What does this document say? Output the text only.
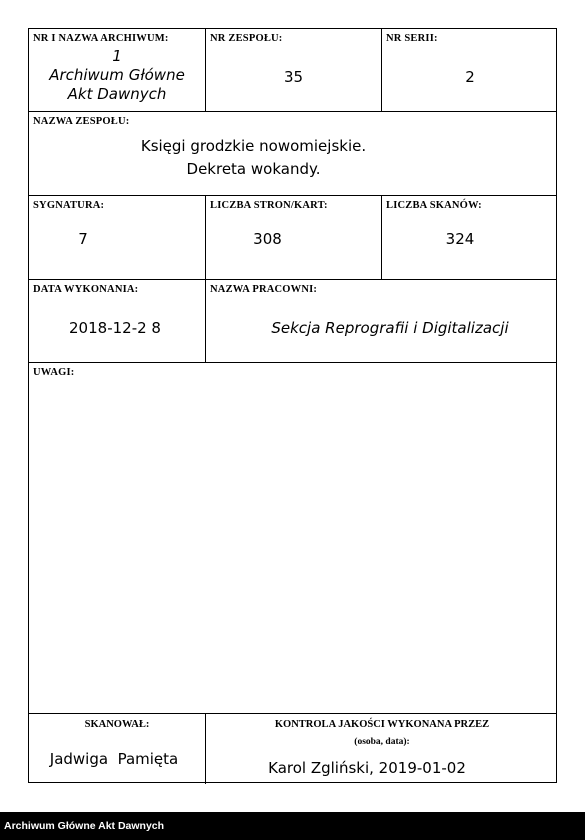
NR I NAZWA ARCHIWUM:
1
Archiwum Główne
Akt Dawnych
NR ZESPOŁU:
35
NR SERII:
2
NAZWA ZESPOŁU:
Księgi grodzkie nowomiejskie.
Dekreta wokandy.
SYGNATURA:
7
LICZBA STRON/KART:
308
LICZBA SKANÓW:
324
DATA WYKONANIA:
2018-12-2 8
NAZWA PRACOWNI:
Sekcja Reprografii i Digitalizacji
UWAGI:
SKANOWAŁ:
Jadwiga  Pamięta
KONTROLA JAKOŚCI WYKONANA PRZEZ
(osoba, data):
Karol Zgliński, 2019-01-02
Archiwum Główne Akt Dawnych
